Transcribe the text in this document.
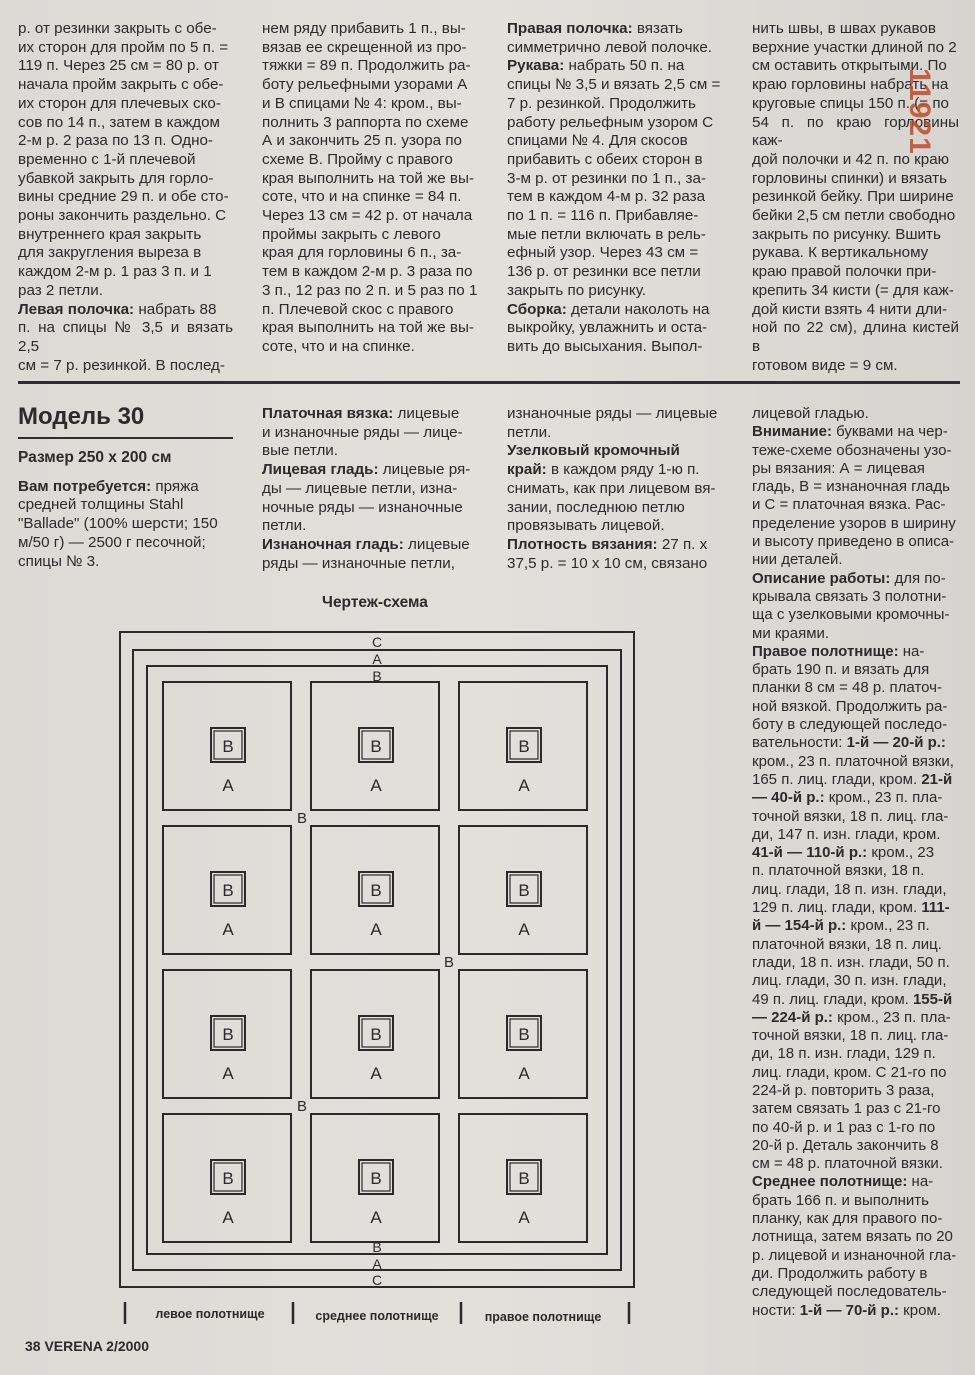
р. от резинки закрыть с обе-

их сторон для пройм по 5 п. =

119 п. Через 25 см = 80 р. от

начала пройм закрыть с обе-

их сторон для плечевых ско-

сов по 14 п., затем в каждом

2-м р. 2 раза по 13 п. Одно-

временно с 1-й плечевой

убавкой закрыть для горло-

вины средние 29 п. и обе сто-

роны закончить раздельно. С

внутреннего края закрыть

для закругления выреза в

каждом 2-м р. 1 раз 3 п. и 1

раз 2 петли.

Левая полочка: набрать 88

п. на спицы № 3,5 и вязать 2,5

см = 7 р. резинкой. В послед-

нем ряду прибавить 1 п., вы-

вязав ее скрещенной из про-

тяжки = 89 п. Продолжить ра-

боту рельефными узорами А

и В спицами № 4: кром., вы-

полнить 3 раппорта по схеме

А и закончить 25 п. узора по

схеме В. Пройму с правого

края выполнить на той же вы-

соте, что и на спинке = 84 п.

Через 13 см = 42 р. от начала

проймы закрыть с левого

края для горловины 6 п., за-

тем в каждом 2-м р. 3 раза по

3 п., 12 раз по 2 п. и 5 раз по 1

п. Плечевой скос с правого

края выполнить на той же вы-

соте, что и на спинке.

Правая полочка: вязать

симметрично левой полочке.

Рукава: набрать 50 п. на

спицы № 3,5 и вязать 2,5 см =

7 р. резинкой. Продолжить

работу рельефным узором С

спицами № 4. Для скосов

прибавить с обеих сторон в

3-м р. от резинки по 1 п., за-

тем в каждом 4-м р. 32 раза

по 1 п. = 116 п. Прибавляе-

мые петли включать в рель-

ефный узор. Через 43 см =

136 р. от резинки все петли

закрыть по рисунку.

Сборка: детали наколоть на

выкройку, увлажнить и оста-

вить до высыхания. Выпол-

нить швы, в швах рукавов

верхние участки длиной по 2

см оставить открытыми. По

краю горловины набрать на

круговые спицы 150 п. (= по

54 п. по краю горловины каж-

дой полочки и 42 п. по краю

горловины спинки) и вязать

резинкой бейку. При ширине

бейки 2,5 см петли свободно

закрыть по рисунку. Вшить

рукава. К вертикальному

краю правой полочки при-

крепить 34 кисти (= для каж-

дой кисти взять 4 нити дли-

ной по 22 см), длина кистей в

готовом виде = 9 см.

11921
Модель 30
Размер 250 х 200 см

Вам потребуется: пряжа

средней толщины Stahl

"Ballade" (100% шерсти; 150

м/50 г) — 2500 г песочной;

спицы № 3.

Платочная вязка: лицевые

и изнаночные ряды — лице-

вые петли.

Лицевая гладь: лицевые ря-

ды — лицевые петли, изна-

ночные ряды — изнаночные

петли.

Изнаночная гладь: лицевые

ряды — изнаночные петли,

изнаночные ряды — лицевые

петли.

Узелковый кромочный

край: в каждом ряду 1-ю п.

снимать, как при лицевом вя-

зании, последнюю петлю

провязывать лицевой.

Плотность вязания: 27 п. х

37,5 р. = 10 х 10 см, связано

лицевой гладью.

Внимание: буквами на чер-

теже-схеме обозначены узо-

ры вязания: А = лицевая

гладь, В = изнаночная гладь

и С = платочная вязка. Рас-

пределение узоров в ширину

и высоту приведено в описа-

нии деталей.

Описание работы: для по-

крывала связать 3 полотни-

ща с узелковыми кромочны-

ми краями.

Правое полотнище: на-

брать 190 п. и вязать для

планки 8 см = 48 р. платоч-

ной вязкой. Продолжить ра-

боту в следующей последо-

вательности: 1-й — 20-й р.:

кром., 23 п. платочной вязки,

165 п. лиц. глади, кром. 21-й

— 40-й р.: кром., 23 п. пла-

точной вязки, 18 п. лиц. гла-

ди, 147 п. изн. глади, кром.

41-й — 110-й р.: кром., 23

п. платочной вязки, 18 п.

лиц. глади, 18 п. изн. глади,

129 п. лиц. глади, кром. 111-

й — 154-й р.: кром., 23 п.

платочной вязки, 18 п. лиц.

глади, 18 п. изн. глади, 50 п.

лиц. глади, 30 п. изн. глади,

49 п. лиц. глади, кром. 155-й

— 224-й р.: кром., 23 п. пла-

точной вязки, 18 п. лиц. гла-

ди, 18 п. изн. глади, 129 п.

лиц. глади, кром. С 21-го по

224-й р. повторить 3 раза,

затем связать 1 раз с 21-го

по 40-й р. и 1 раз с 1-го по

20-й р. Деталь закончить 8

см = 48 р. платочной вязки.

Среднее полотнище: на-

брать 166 п. и выполнить

планку, как для правого по-

лотнища, затем вязать по 20

р. лицевой и изнаночной гла-

ди. Продолжить работу в

следующей последователь-

ности: 1-й — 70-й р.: кром.

Чертеж-схема
С
А
В
В
А
С
В
А
В
А
В
А
В
А
В
А
В
А
В
А
В
А
В
А
В
А
В
А
В
А
В
В
В
левое полотнище	среднее полотнище	правое полотнище
38 VERENA 2/2000
